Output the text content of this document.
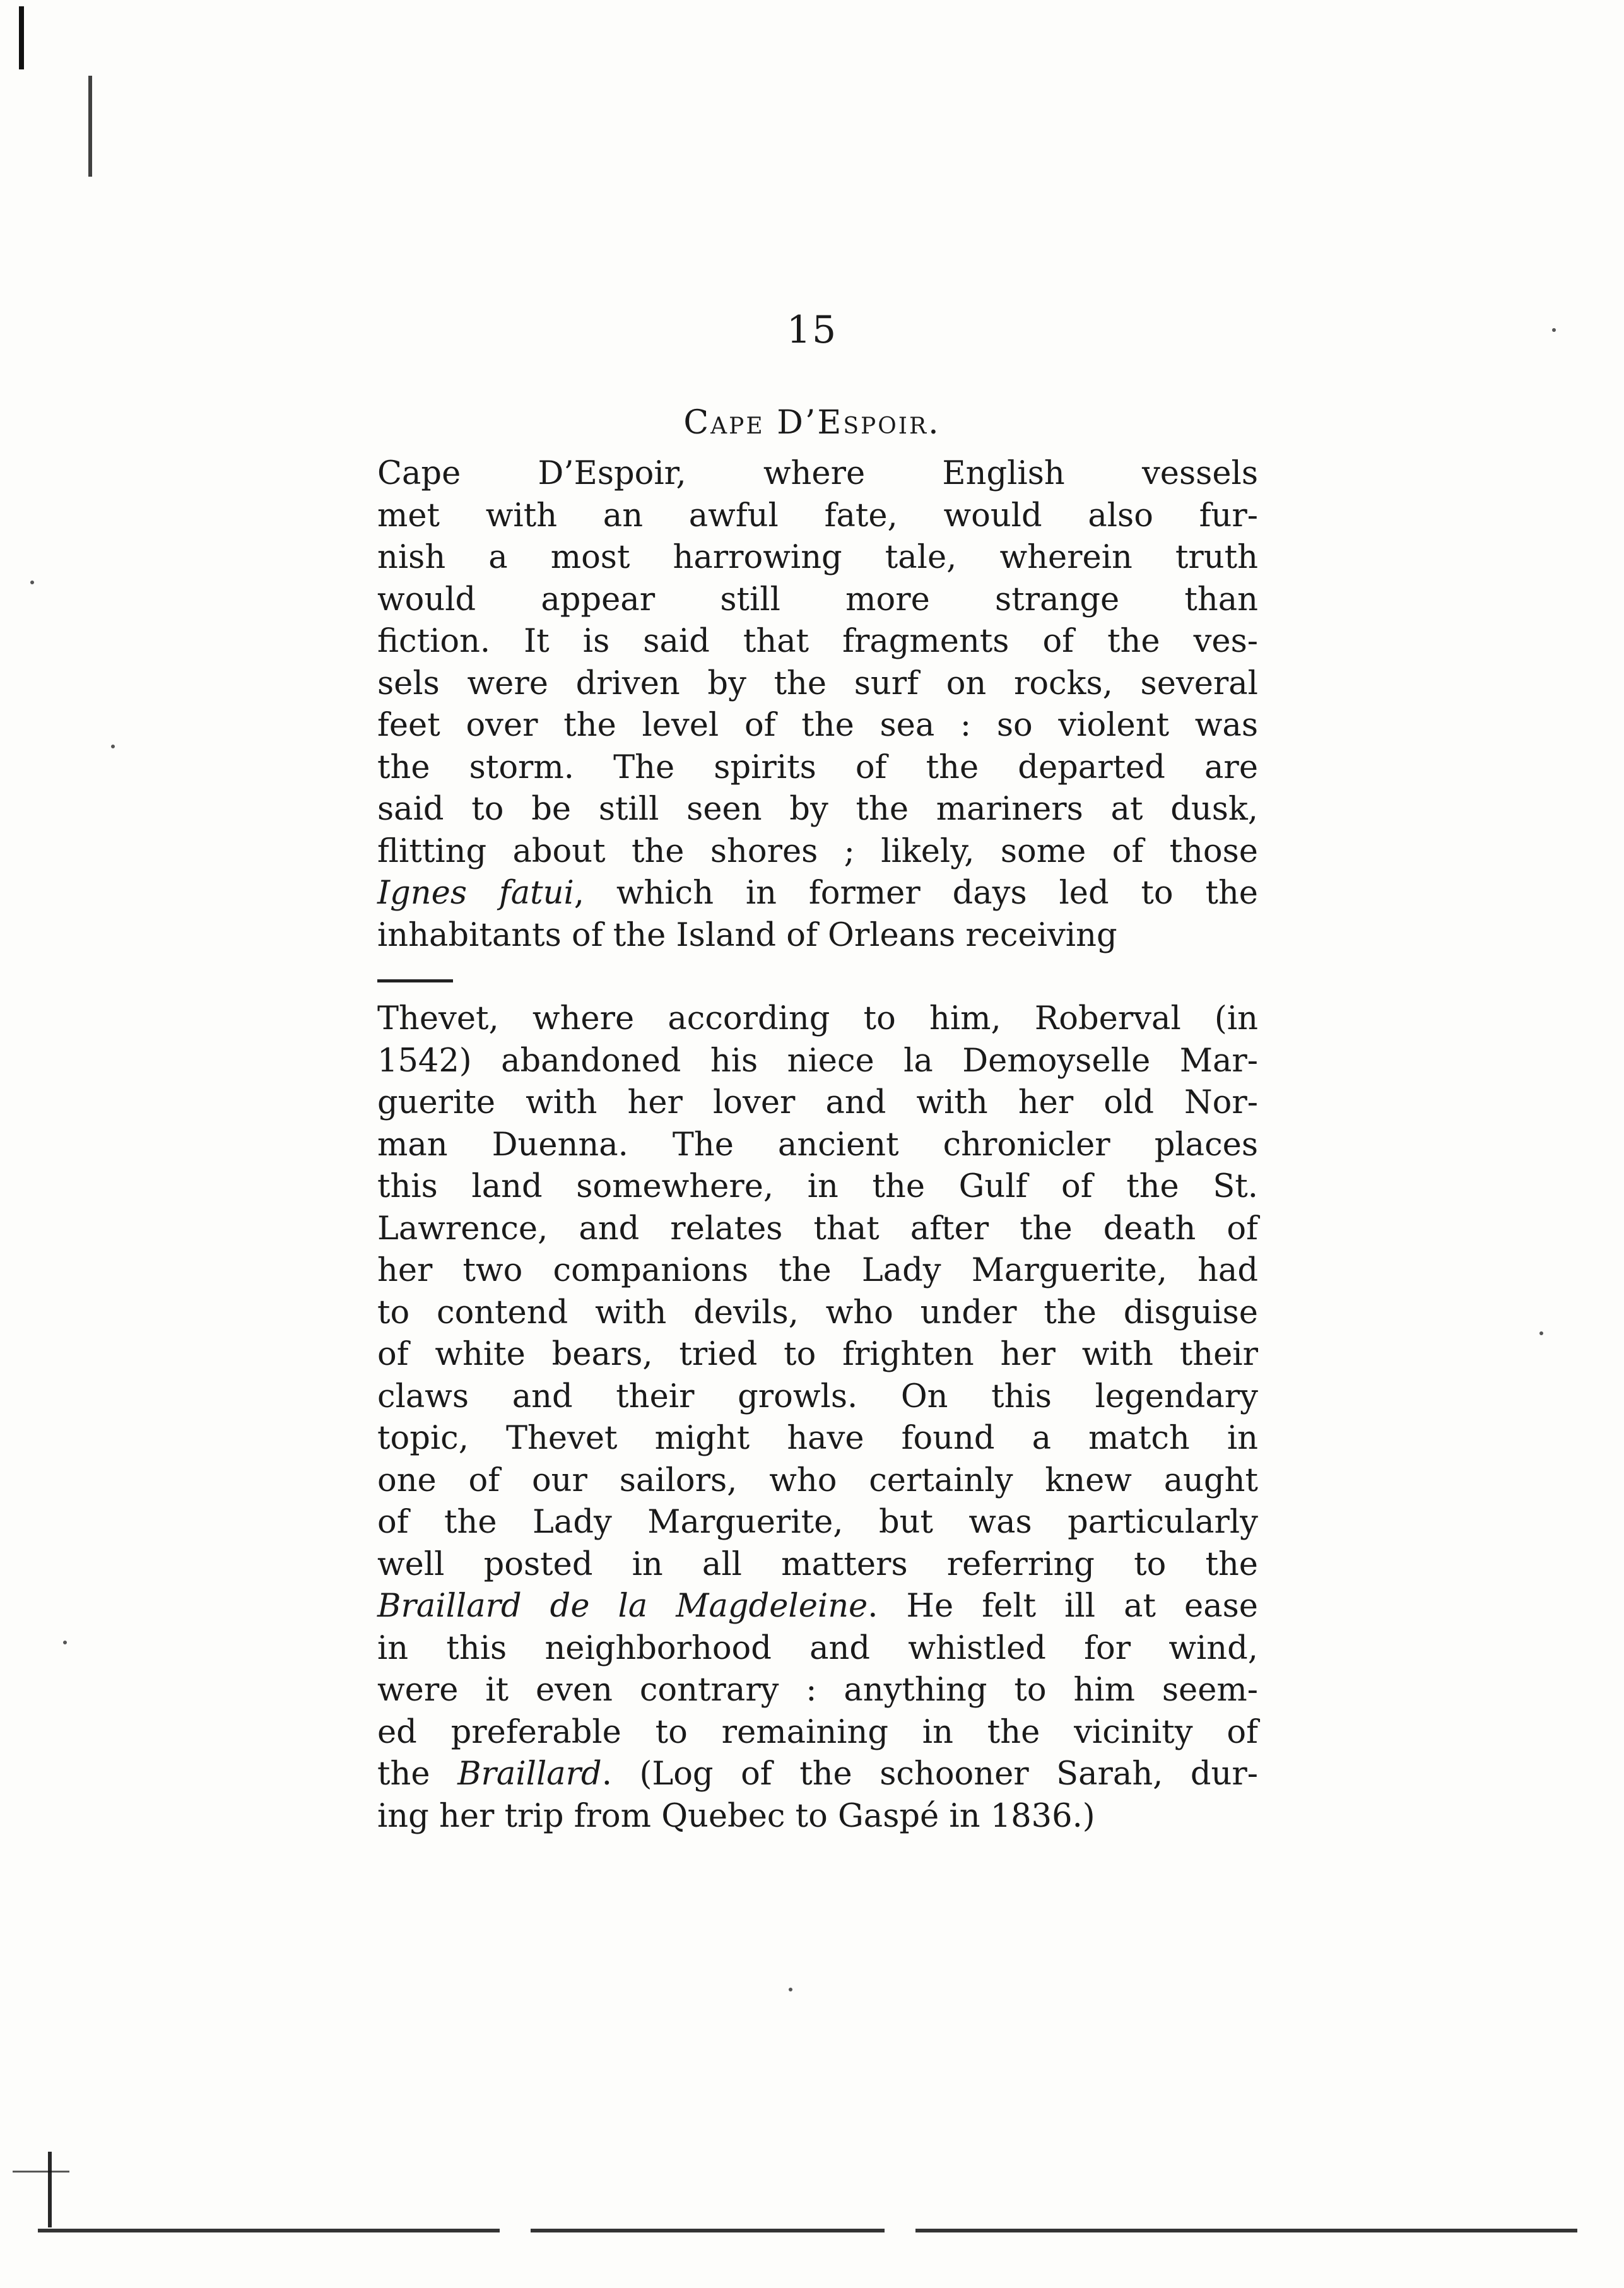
15
Cape D’Espoir.
Cape D’Espoir, where English vessels
met with an awful fate, would also fur-
nish a most harrowing tale, wherein truth
would appear still more strange than
fiction. It is said that fragments of the ves-
sels were driven by the surf on rocks, several
feet over the level of the sea : so violent was
the storm. The spirits of the departed are
said to be still seen by the mariners at dusk,
flitting about the shores ; likely, some of those
Ignes fatui, which in former days led to the
inhabitants of the Island of Orleans receiving
Thevet, where according to him, Roberval (in
1542) abandoned his niece la Demoyselle Mar-
guerite with her lover and with her old Nor-
man Duenna. The ancient chronicler places
this land somewhere, in the Gulf of the St.
Lawrence, and relates that after the death of
her two companions the Lady Marguerite, had
to contend with devils, who under the disguise
of white bears, tried to frighten her with their
claws and their growls. On this legendary
topic, Thevet might have found a match in
one of our sailors, who certainly knew aught
of the Lady Marguerite, but was particularly
well posted in all matters referring to the
Braillard de la Magdeleine. He felt ill at ease
in this neighborhood and whistled for wind,
were it even contrary : anything to him seem-
ed preferable to remaining in the vicinity of
the Braillard. (Log of the schooner Sarah, dur-
ing her trip from Quebec to Gaspé in 1836.)
